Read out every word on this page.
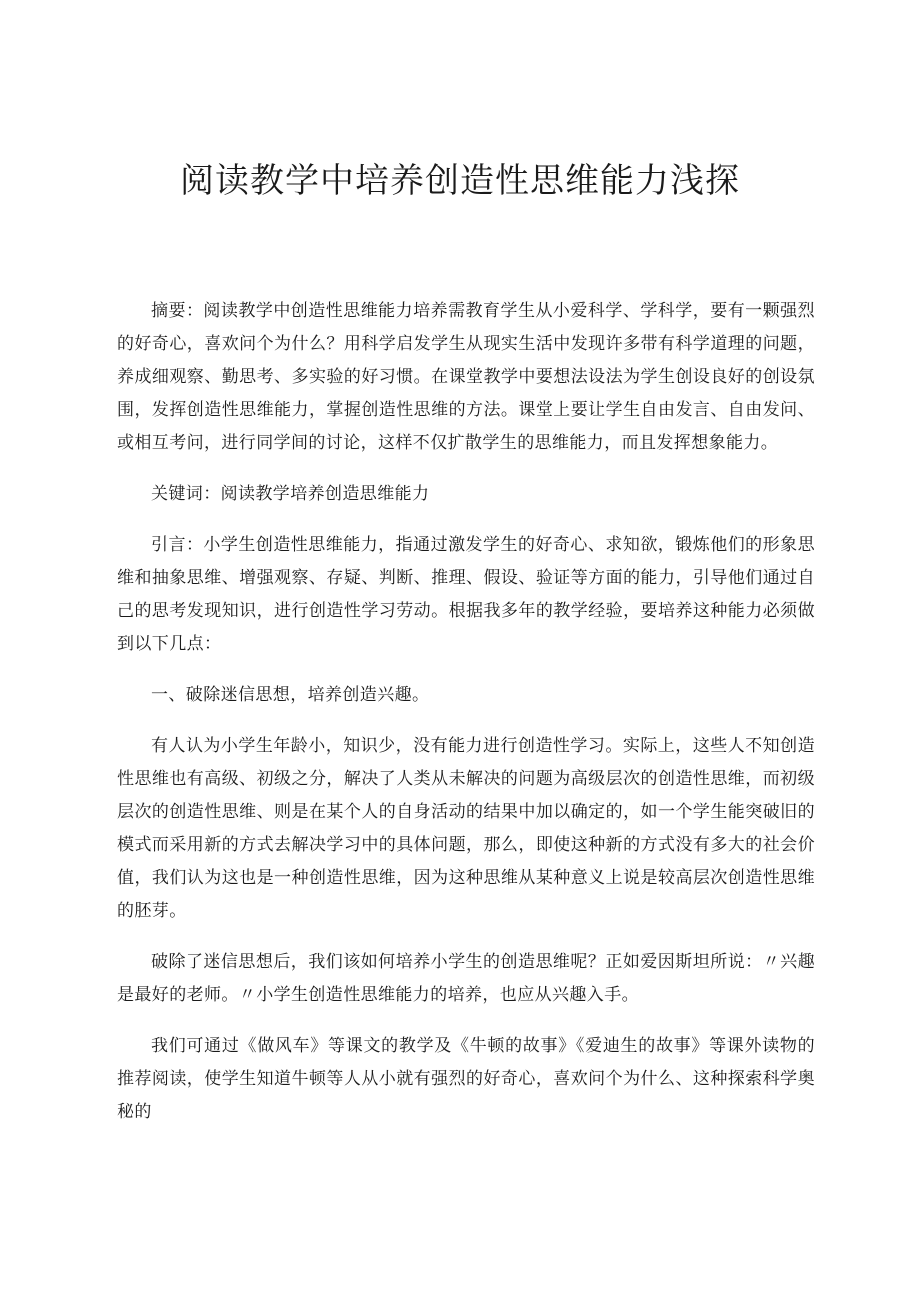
阅读教学中培养创造性思维能力浅探

摘要：阅读教学中创造性思维能力培养需教育学生从小爱科学、学科学，要有一颗强烈的好奇心，喜欢问个为什么？用科学启发学生从现实生活中发现许多带有科学道理的问题，养成细观察、勤思考、多实验的好习惯。在课堂教学中要想法设法为学生创设良好的创设氛围，发挥创造性思维能力，掌握创造性思维的方法。课堂上要让学生自由发言、自由发问、或相互考问，进行同学间的讨论，这样不仅扩散学生的思维能力，而且发挥想象能力。

关键词：阅读教学培养创造思维能力

引言：小学生创造性思维能力，指通过激发学生的好奇心、求知欲，锻炼他们的形象思维和抽象思维、增强观察、存疑、判断、推理、假设、验证等方面的能力，引导他们通过自己的思考发现知识，进行创造性学习劳动。根据我多年的教学经验，要培养这种能力必须做到以下几点：

一、破除迷信思想，培养创造兴趣。

有人认为小学生年龄小，知识少，没有能力进行创造性学习。实际上，这些人不知创造性思维也有高级、初级之分，解决了人类从未解决的问题为高级层次的创造性思维，而初级层次的创造性思维、则是在某个人的自身活动的结果中加以确定的，如一个学生能突破旧的模式而采用新的方式去解决学习中的具体问题，那么，即使这种新的方式没有多大的社会价值，我们认为这也是一种创造性思维，因为这种思维从某种意义上说是较高层次创造性思维的胚芽。

破除了迷信思想后，我们该如何培养小学生的创造思维呢？正如爱因斯坦所说：〃兴趣是最好的老师。〃小学生创造性思维能力的培养，也应从兴趣入手。

我们可通过《做风车》等课文的教学及《牛顿的故事》《爱迪生的故事》等课外读物的推荐阅读，使学生知道牛顿等人从小就有强烈的好奇心，喜欢问个为什么、这种探索科学奥秘的
